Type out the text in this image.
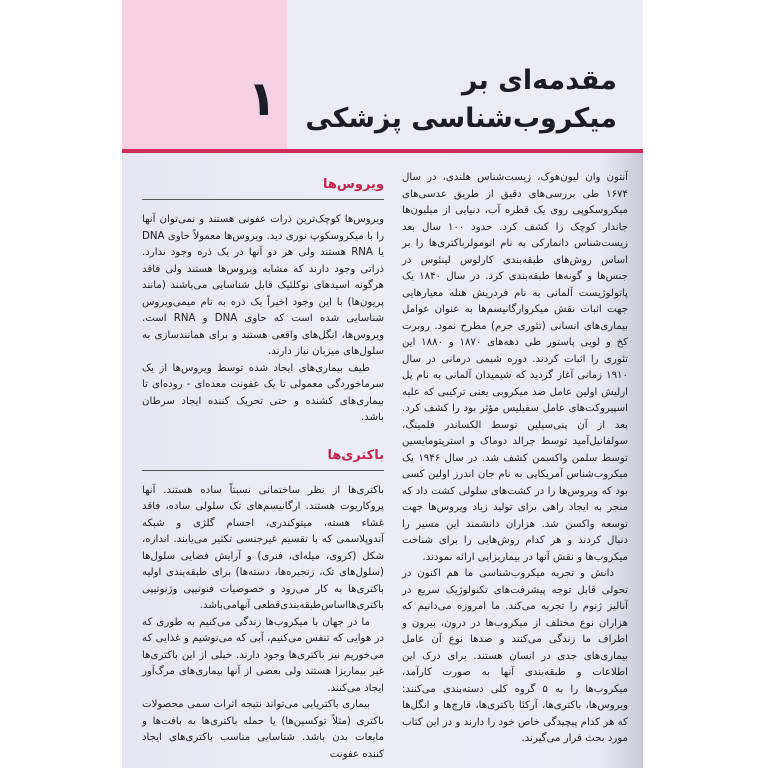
۱	مقدمه‌ای بر میکروب‌شناسی پزشکی

آنتون وان لیون‌هوک، زیست‌شناس هلندی، در سال ۱۶۷۴ طی بررسی‌های دقیق از طریق عدسی‌های میکروسکوپی روی یک قطره آب، دنیایی از میلیون‌ها جاندار کوچک را کشف کرد. حدود ۱۰۰ سال بعد زیست‌شناس دانمارکی به نام اتومولرباکتری‌ها را بر اساس روش‌های طبقه‌بندی کارلوس لینئوس در جنس‌ها و گونه‌ها طبقه‌بندی کرد. در سال ۱۸۴۰ یک پاتولوژیست آلمانی به نام فردریش هنله معیارهایی جهت اثبات نقش میکروارگانیسم‌ها به عنوان عوامل بیماری‌های انسانی (تئوری جرم) مطرح نمود. روبرت کخ و لویی پاستور طی دهه‌های ۱۸۷۰ و ۱۸۸۰ این تئوری را اثبات کردند. دوره شیمی درمانی در سال ۱۹۱۰ زمانی آغاز گردید که شیمیدان آلمانی به نام پل ارلیش اولین عامل ضد میکروبی یعنی ترکیبی که علیه اسپیروکت‌های عامل سفیلیس مؤثر بود را کشف کرد. بعد از آن پنی‌سیلین توسط الکساندر فلمینگ، سولفانیل‌آمید توسط جرالد دوماک و استرپتومایسین توسط سلمن واکسمن کشف شد. در سال ۱۹۴۶ یک میکروب‌شناس آمریکایی به نام جان اندرز اولین کسی بود که ویروس‌ها را در کشت‌های سلولی کشت داد که منجر به ایجاد راهی برای تولید زیاد ویروس‌ها جهت توسعه واکسن شد. هزاران دانشمند این مسیر را دنبال کردند و هر کدام روش‌هایی را برای شناخت میکروب‌ها و نقش آنها در بیماریزایی ارائه نمودند.

دانش و تجربه میکروب‌شناسی ما هم اکنون در تحولی قابل توجه پیشرفت‌های تکنولوژیک سریع در آنالیز ژنوم را تجربه می‌کند. ما امروزه می‌دانیم که هزاران نوع مختلف از میکروب‌ها در درون، بیرون و اطراف ما زندگی می‌کنند و صدها نوع آن عامل بیماری‌های جدی در انسان هستند. برای درک این اطلاعات و طبقه‌بندی آنها به صورت کارآمد، میکروب‌ها را به ۵ گروه کلی دسته‌بندی می‌کنند: ویروس‌ها، باکتری‌ها، آرکئا باکتری‌ها، قارچ‌ها و انگل‌ها که هر کدام پیچیدگی خاص خود را دارند و در این کتاب مورد بحث قرار می‌گیرند.

ویروس‌ها

ویروس‌ها کوچک‌ترین ذرات عفونی هستند و نمی‌توان آنها را با میکروسکوپ نوری دید. ویروس‌ها معمولاً حاوی DNA یا RNA هستند ولی هر دو آنها در یک ذره وجود ندارد. ذراتی وجود دارند که مشابه ویروس‌ها هستند ولی فاقد هرگونه اسیدهای نوکلئیک قابل شناسایی می‌باشند (مانند پریون‌ها) با این وجود اخیراً یک ذره به نام میمی‌ویروس شناسایی شده است که حاوی DNA و RNA است. ویروس‌ها، انگل‌های واقعی هستند و برای همانندسازی به سلول‌های میزبان نیاز دارند.

طیف بیماری‌های ایجاد شده توسط ویروس‌ها از یک سرماخوردگی معمولی تا یک عفونت معده‌ای - روده‌ای تا بیماری‌های کشنده و حتی تحریک کننده ایجاد سرطان باشد.

باکتری‌ها

باکتری‌ها از نظر ساختمانی نسبتاً ساده هستند. آنها پروکاریوت هستند. ارگانیسم‌های تک سلولی ساده، فاقد غشاء هسته، میتوکندری، اجسام گلژی و شبکه آندوپلاسمی که با تقسیم غیرجنسی تکثیر می‌یابند. اندازه، شکل (کروی، میله‌ای، فنری) و آرایش فضایی سلول‌ها (سلول‌های تک، زنجیره‌ها، دسته‌ها) برای طبقه‌بندی اولیه باکتری‌ها به کار می‌رود و خصوصیات فنوتیپی وژنوتیپی باکتری‌هااساس‌طبقه‌بندی‌قطعی آنهامی‌باشد.

ما در جهان با میکروب‌ها زندگی می‌کنیم به طوری که در هوایی که تنفس می‌کنیم، آبی که می‌نوشیم و غذایی که می‌خوریم نیز باکتری‌ها وجود دارند. خیلی از این باکتری‌ها غیر بیماریزا هستند ولی بعضی از آنها بیماری‌های مرگ‌آور ایجاد می‌کنند.

بیماری باکتریایی می‌تواند نتیجه اثرات سمی محصولات باکتری (مثلاً توکسین‌ها) یا حمله باکتری‌ها به بافت‌ها و مایعات بدن باشد. شناسایی مناسب باکتری‌های ایجاد کننده عفونت
